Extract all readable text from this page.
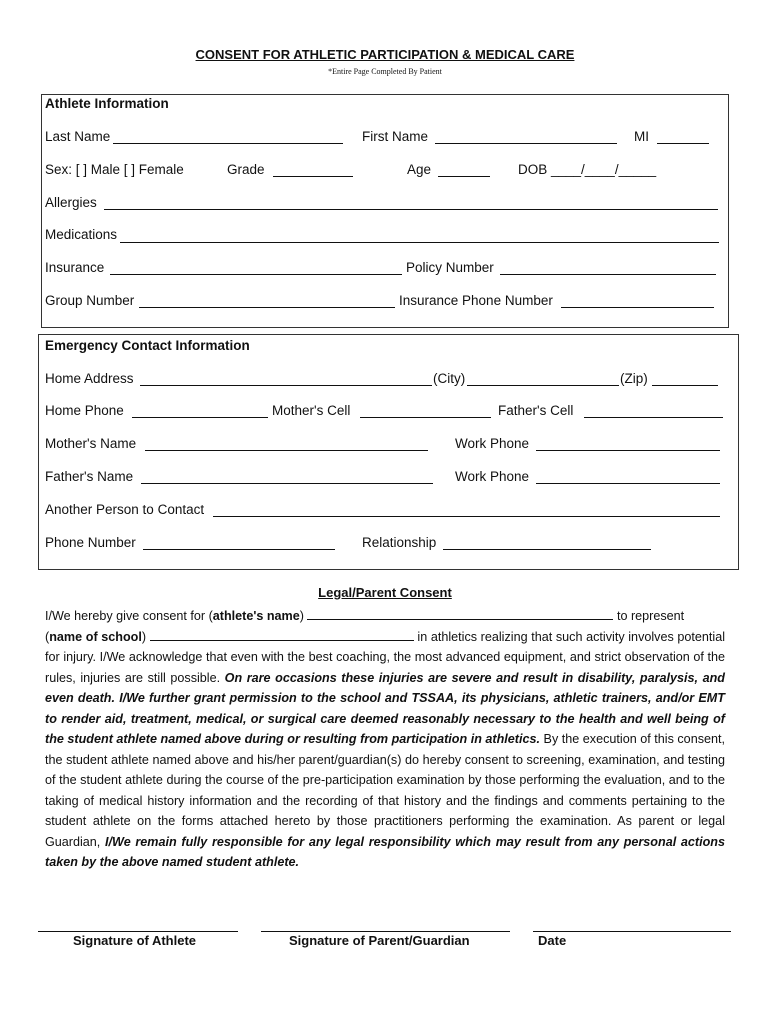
CONSENT FOR ATHLETIC PARTICIPATION & MEDICAL CARE
*Entire Page Completed By Patient
Athlete Information
Last Name	First Name	MI
Sex: [ ] Male [ ] Female	Grade	Age	DOB ____/____/_____
Allergies
Medications
Insurance	Policy Number
Group Number	Insurance Phone Number
Emergency Contact Information
Home Address	(City)	(Zip)
Home Phone	Mother's Cell	Father's Cell
Mother's Name	Work Phone
Father's Name	Work Phone
Another Person to Contact
Phone Number	Relationship
Legal/Parent Consent
I/We hereby give consent for (athlete's name)	to represent
(name of school)	in athletics realizing that such activity involves potential for injury. I/We acknowledge that even with the best coaching, the most advanced equipment, and strict observation of the rules, injuries are still possible. On rare occasions these injuries are severe and result in disability, paralysis, and even death. I/We further grant permission to the school and TSSAA, its physicians, athletic trainers, and/or EMT to render aid, treatment, medical, or surgical care deemed reasonably necessary to the health and well being of the student athlete named above during or resulting from participation in athletics. By the execution of this consent, the student athlete named above and his/her parent/guardian(s) do hereby consent to screening, examination, and testing of the student athlete during the course of the pre-participation examination by those performing the evaluation, and to the taking of medical history information and the recording of that history and the findings and comments pertaining to the student athlete on the forms attached hereto by those practitioners performing the examination. As parent or legal Guardian, I/We remain fully responsible for any legal responsibility which may result from any personal actions taken by the above named student athlete.
Signature of Athlete	Signature of Parent/Guardian	Date
